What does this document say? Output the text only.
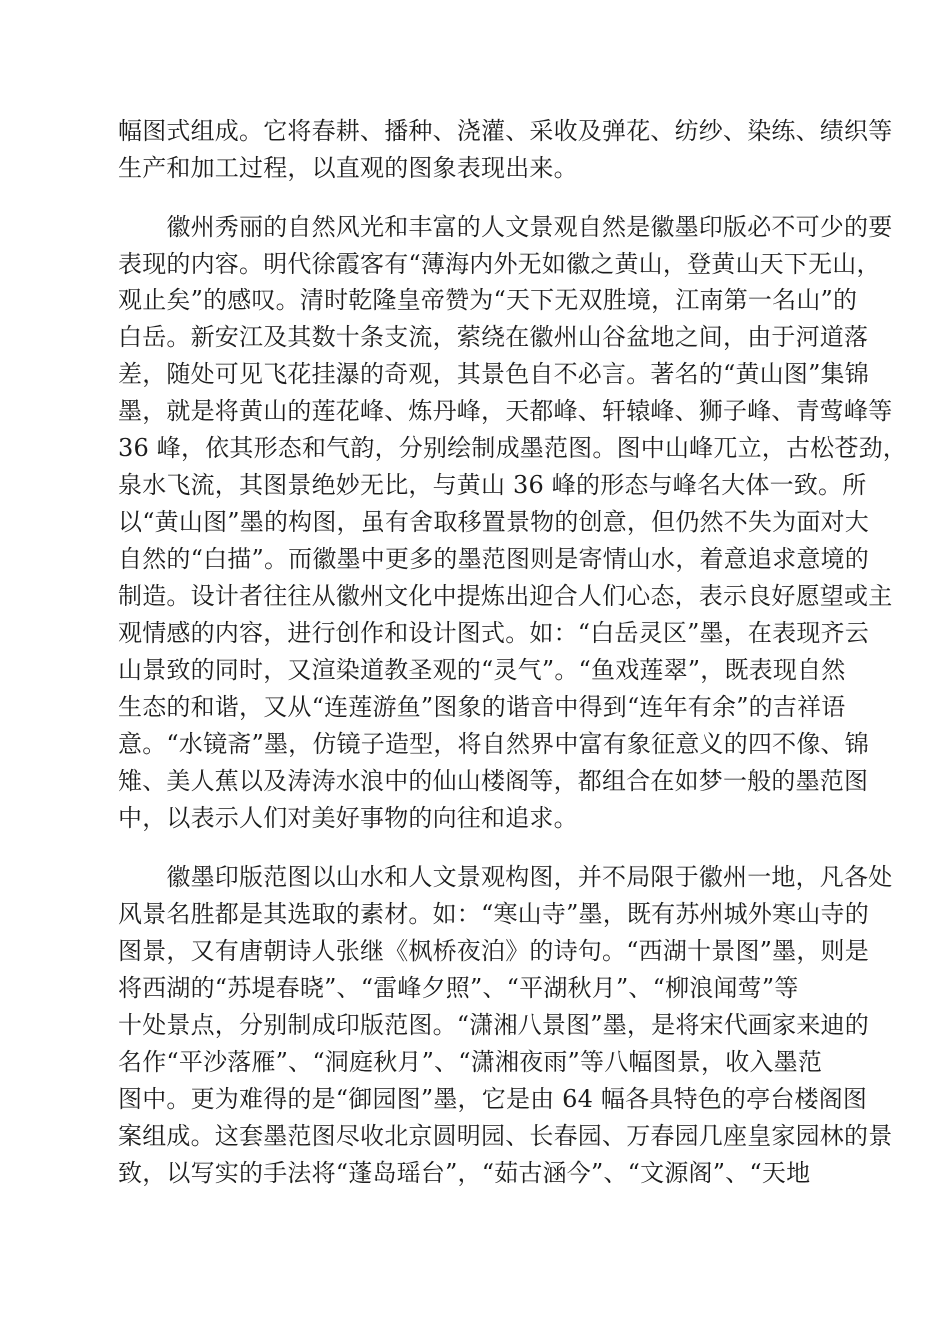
幅图式组成。它将春耕、播种、浇灌、采收及弹花、纺纱、染练、绩织等
生产和加工过程，以直观的图象表现出来。
　　徽州秀丽的自然风光和丰富的人文景观自然是徽墨印版必不可少的要
表现的内容。明代徐霞客有“薄海内外无如徽之黄山，登黄山天下无山，
观止矣”的感叹。清时乾隆皇帝赞为“天下无双胜境，江南第一名山”的
白岳。新安江及其数十条支流，萦绕在徽州山谷盆地之间，由于河道落
差，随处可见飞花挂瀑的奇观，其景色自不必言。著名的“黄山图”集锦
墨，就是将黄山的莲花峰、炼丹峰，天都峰、轩辕峰、狮子峰、青莺峰等
36 峰，依其形态和气韵，分别绘制成墨范图。图中山峰兀立，古松苍劲，
泉水飞流，其图景绝妙无比，与黄山 36 峰的形态与峰名大体一致。所
以“黄山图”墨的构图，虽有舍取移置景物的创意，但仍然不失为面对大
自然的“白描”。而徽墨中更多的墨范图则是寄情山水，着意追求意境的
制造。设计者往往从徽州文化中提炼出迎合人们心态，表示良好愿望或主
观情感的内容，进行创作和设计图式。如：“白岳灵区”墨，在表现齐云
山景致的同时，又渲染道教圣观的“灵气”。“鱼戏莲翠”，既表现自然
生态的和谐，又从“连莲游鱼”图象的谐音中得到“连年有余”的吉祥语
意。“水镜斋”墨，仿镜子造型，将自然界中富有象征意义的四不像、锦
雉、美人蕉以及涛涛水浪中的仙山楼阁等，都组合在如梦一般的墨范图
中，以表示人们对美好事物的向往和追求。
　　徽墨印版范图以山水和人文景观构图，并不局限于徽州一地，凡各处
风景名胜都是其选取的素材。如：“寒山寺”墨，既有苏州城外寒山寺的
图景，又有唐朝诗人张继《枫桥夜泊》的诗句。“西湖十景图”墨，则是
将西湖的“苏堤春晓”、“雷峰夕照”、“平湖秋月”、“柳浪闻莺”等
十处景点，分别制成印版范图。“潇湘八景图”墨，是将宋代画家来迪的
名作“平沙落雁”、“洞庭秋月”、“潇湘夜雨”等八幅图景，收入墨范
图中。更为难得的是“御园图”墨，它是由 64 幅各具特色的亭台楼阁图
案组成。这套墨范图尽收北京圆明园、长春园、万春园几座皇家园林的景
致，以写实的手法将“蓬岛瑶台”，“茹古涵今”、“文源阁”、“天地
